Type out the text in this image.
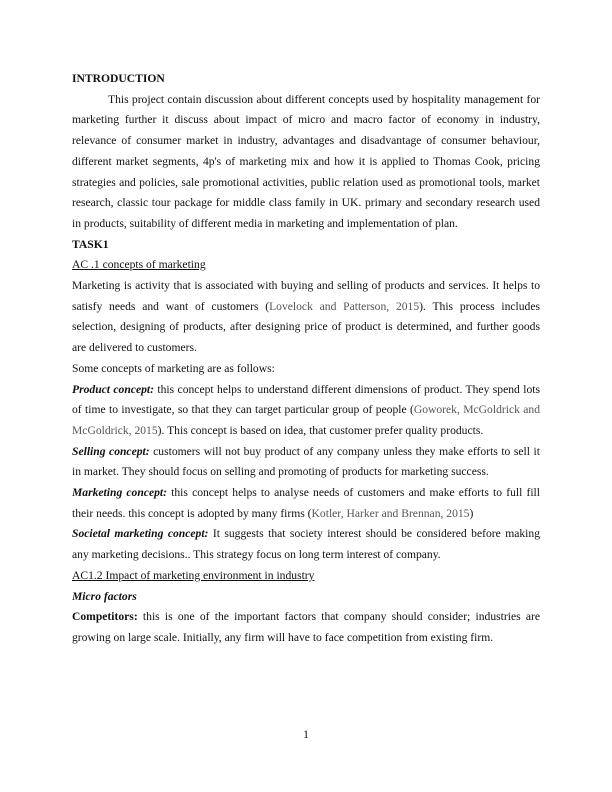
INTRODUCTION

This project contain discussion about different concepts used by hospitality management for marketing further it discuss about impact of micro and macro factor of economy in industry, relevance of consumer market in industry, advantages and disadvantage of consumer behaviour, different market segments, 4p's of marketing mix and how it is applied to Thomas Cook, pricing strategies and policies, sale promotional activities, public relation used as promotional tools, market research, classic tour package for middle class family in UK. primary and secondary research used in products, suitability of different media in marketing and implementation of plan.

TASK1

AC .1 concepts of marketing

Marketing is activity that is associated with buying and selling of products and services. It helps to satisfy needs and want of customers (Lovelock and Patterson, 2015). This process includes selection, designing of products, after designing price of product is determined, and further goods are delivered to customers.

Some concepts of marketing are as follows:

Product concept: this concept helps to understand different dimensions of product. They spend lots of time to investigate, so that they can target particular group of people (Goworek, McGoldrick and McGoldrick, 2015). This concept is based on idea, that customer prefer quality products.

Selling concept: customers will not buy product of any company unless they make efforts to sell it in market. They should focus on selling and promoting of products for marketing success.

Marketing concept: this concept helps to analyse needs of customers and make efforts to full fill their needs. this concept is adopted by many firms (Kotler, Harker and Brennan, 2015)

Societal marketing concept: It suggests that society interest should be considered before making any marketing decisions.. This strategy focus on long term interest of company.

AC1.2 Impact of marketing environment in industry

Micro factors

Competitors: this is one of the important factors that company should consider; industries are growing on large scale. Initially, any firm will have to face competition from existing firm.

1
